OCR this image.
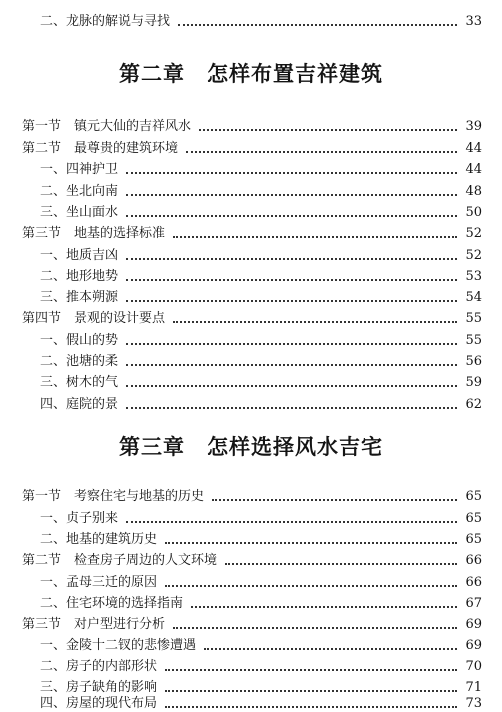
二、龙脉的解说与寻找	33
第二章 怎样布置吉祥建筑
第一节　镇元大仙的吉祥风水	39
第二节　最尊贵的建筑环境	44
一、四神护卫	44
二、坐北向南	48
三、坐山面水	50
第三节　地基的选择标准	52
一、地质吉凶	52
二、地形地势	53
三、推本朔源	54
第四节　景观的设计要点	55
一、假山的势	55
二、池塘的柔	56
三、树木的气	59
四、庭院的景	62
第三章 怎样选择风水吉宅
第一节　考察住宅与地基的历史	65
一、贞子别来	65
二、地基的建筑历史	65
第二节　检查房子周边的人文环境	66
一、孟母三迁的原因	66
二、住宅环境的选择指南	67
第三节　对户型进行分析	69
一、金陵十二钗的悲惨遭遇	69
二、房子的内部形状	70
三、房子缺角的影响	71
四、房屋的现代布局	73
